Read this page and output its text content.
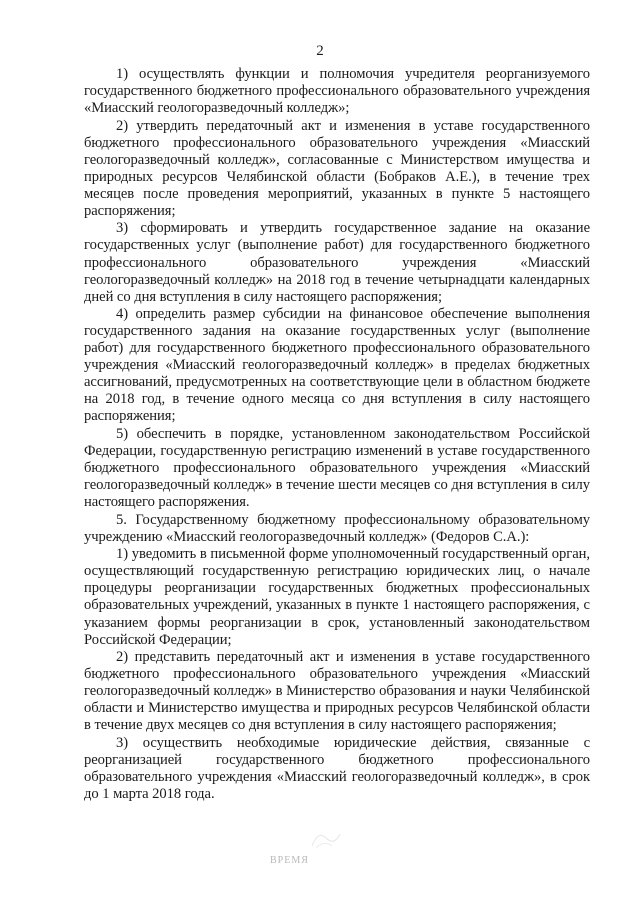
2

1) осуществлять функции и полномочия учредителя реорганизуемого государственного бюджетного профессионального образовательного учреждения «Миасский геологоразведочный колледж»;

2) утвердить передаточный акт и изменения в уставе государственного бюджетного профессионального образовательного учреждения «Миасский геологоразведочный колледж», согласованные с Министерством имущества и природных ресурсов Челябинской области (Бобраков А.Е.), в течение трех месяцев после проведения мероприятий, указанных в пункте 5 настоящего распоряжения;

3) сформировать и утвердить государственное задание на оказание государственных услуг (выполнение работ) для государственного бюджетного профессионального образовательного учреждения «Миасский геологоразведочный колледж» на 2018 год в течение четырнадцати календарных дней со дня вступления в силу настоящего распоряжения;

4) определить размер субсидии на финансовое обеспечение выполнения государственного задания на оказание государственных услуг (выполнение работ) для государственного бюджетного профессионального образовательного учреждения «Миасский геологоразведочный колледж» в пределах бюджетных ассигнований, предусмотренных на соответствующие цели в областном бюджете на 2018 год, в течение одного месяца со дня вступления в силу настоящего распоряжения;

5) обеспечить в порядке, установленном законодательством Российской Федерации, государственную регистрацию изменений в уставе государственного бюджетного профессионального образовательного учреждения «Миасский геологоразведочный колледж» в течение шести месяцев со дня вступления в силу настоящего распоряжения.

5. Государственному бюджетному профессиональному образовательному учреждению «Миасский геологоразведочный колледж» (Федоров С.А.):

1) уведомить в письменной форме уполномоченный государственный орган, осуществляющий государственную регистрацию юридических лиц, о начале процедуры реорганизации государственных бюджетных профессиональных образовательных учреждений, указанных в пункте 1 настоящего распоряжения, с указанием формы реорганизации в срок, установленный законодательством Российской Федерации;

2) представить передаточный акт и изменения в уставе государственного бюджетного профессионального образовательного учреждения «Миасский геологоразведочный колледж» в Министерство образования и науки Челябинской области и Министерство имущества и природных ресурсов Челябинской области в течение двух месяцев со дня вступления в силу настоящего распоряжения;

3) осуществить необходимые юридические действия, связанные с реорганизацией государственного бюджетного профессионального образовательного учреждения «Миасский геологоразведочный колледж», в срок до 1 марта 2018 года.

ВРЕМЯ
